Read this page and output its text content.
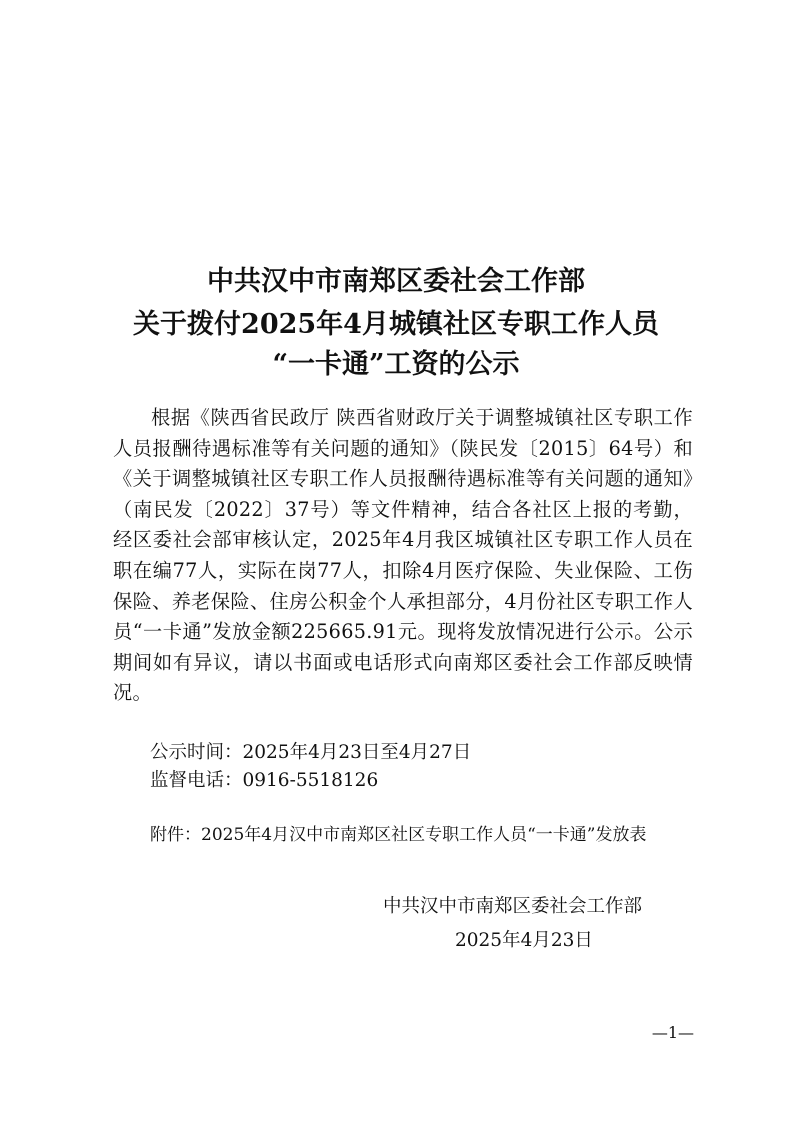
中共汉中市南郑区委社会工作部
关于拨付2025年4月城镇社区专职工作人员
“一卡通”工资的公示

根据《陕西省民政厅 陕西省财政厅关于调整城镇社区专职工作人员报酬待遇标准等有关问题的通知》（陕民发〔2015〕64号）和《关于调整城镇社区专职工作人员报酬待遇标准等有关问题的通知》（南民发〔2022〕37号）等文件精神，结合各社区上报的考勤，经区委社会部审核认定，2025年4月我区城镇社区专职工作人员在职在编77人，实际在岗77人，扣除4月医疗保险、失业保险、工伤保险、养老保险、住房公积金个人承担部分，4月份社区专职工作人员“一卡通”发放金额225665.91元。现将发放情况进行公示。公示期间如有异议，请以书面或电话形式向南郑区委社会工作部反映情况。

公示时间：2025年4月23日至4月27日
监督电话：0916-5518126
附件：2025年4月汉中市南郑区社区专职工作人员“一卡通”发放表
中共汉中市南郑区委社会工作部
2025年4月23日
—1—
